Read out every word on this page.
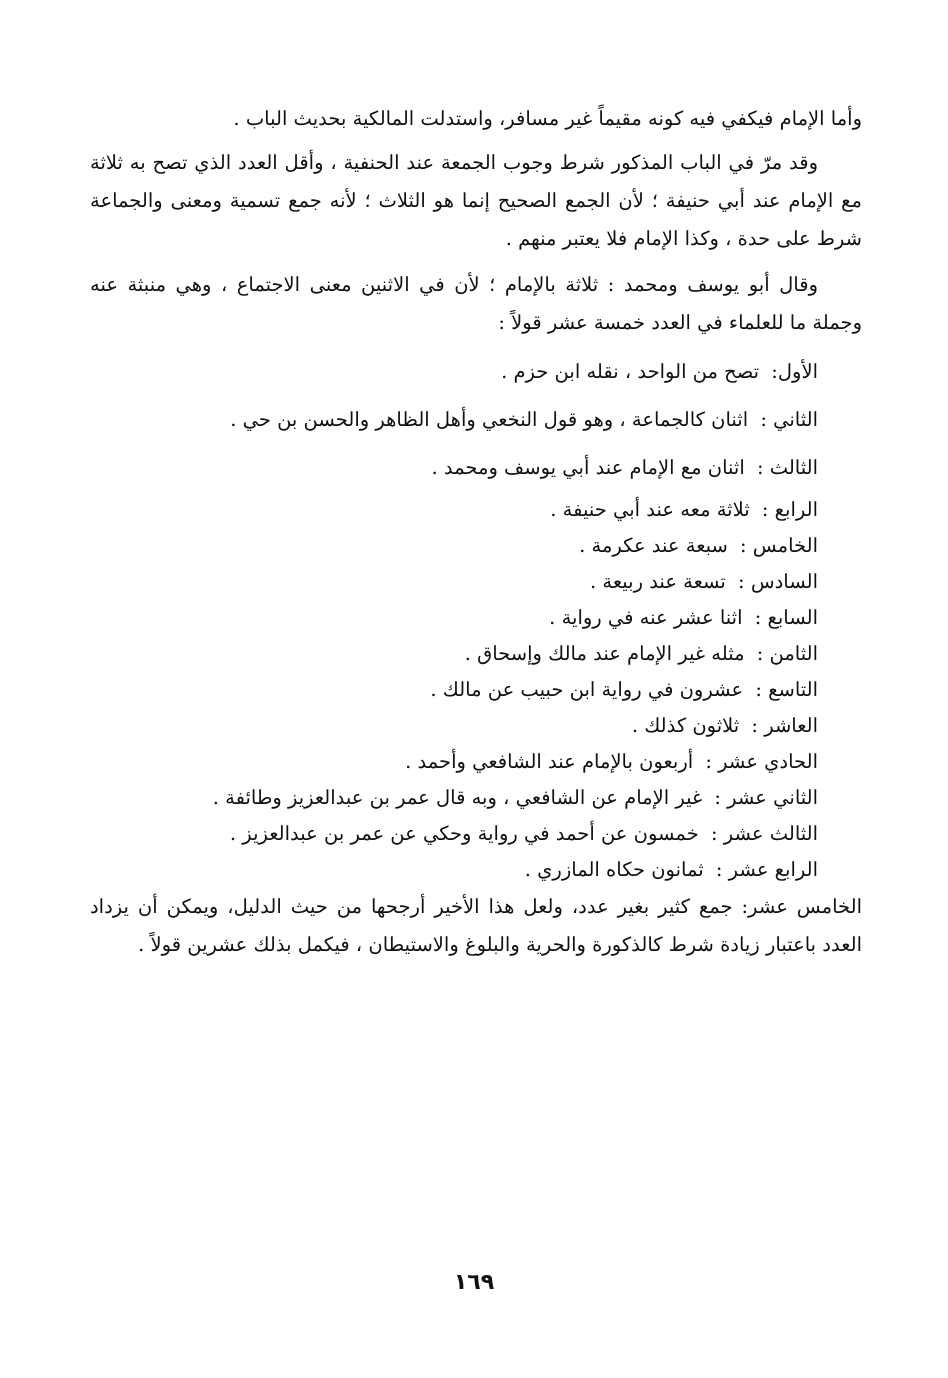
وأما الإمام فيكفي فيه كونه مقيماً غير مسافر، واستدلت المالكية بحديث الباب .

وقد مرّ في الباب المذكور شرط وجوب الجمعة عند الحنفية ، وأقل العدد الذي تصح به ثلاثة مع الإمام عند أبي حنيفة ؛ لأن الجمع الصحيح إنما هو الثلاث ؛ لأنه جمع تسمية ومعنى والجماعة شرط على حدة ، وكذا الإمام فلا يعتبر منهم .

وقال أبو يوسف ومحمد : ثلاثة بالإمام ؛ لأن في الاثنين معنى الاجتماع ، وهي منبثة عنه وجملة ما للعلماء في العدد خمسة عشر قولاً :

الأول: تصح من الواحد ، نقله ابن حزم .
الثاني : اثنان كالجماعة ، وهو قول النخعي وأهل الظاهر والحسن بن حي .
الثالث : اثنان مع الإمام عند أبي يوسف ومحمد .
الرابع : ثلاثة معه عند أبي حنيفة .
الخامس : سبعة عند عكرمة .
السادس : تسعة عند ربيعة .
السابع : اثنا عشر عنه في رواية .
الثامن : مثله غير الإمام عند مالك وإسحاق .
التاسع : عشرون في رواية ابن حبيب عن مالك .
العاشر : ثلاثون كذلك .
الحادي عشر : أربعون بالإمام عند الشافعي وأحمد .
الثاني عشر : غير الإمام عن الشافعي ، وبه قال عمر بن عبدالعزيز وطائفة .
الثالث عشر : خمسون عن أحمد في رواية وحكي عن عمر بن عبدالعزيز .
الرابع عشر : ثمانون حكاه المازري .

الخامس عشر: جمع كثير بغير عدد، ولعل هذا الأخير أرجحها من حيث الدليل، ويمكن أن يزداد العدد باعتبار زيادة شرط كالذكورة والحرية والبلوغ والاستيطان ، فيكمل بذلك عشرين قولاً .

١٦٩
